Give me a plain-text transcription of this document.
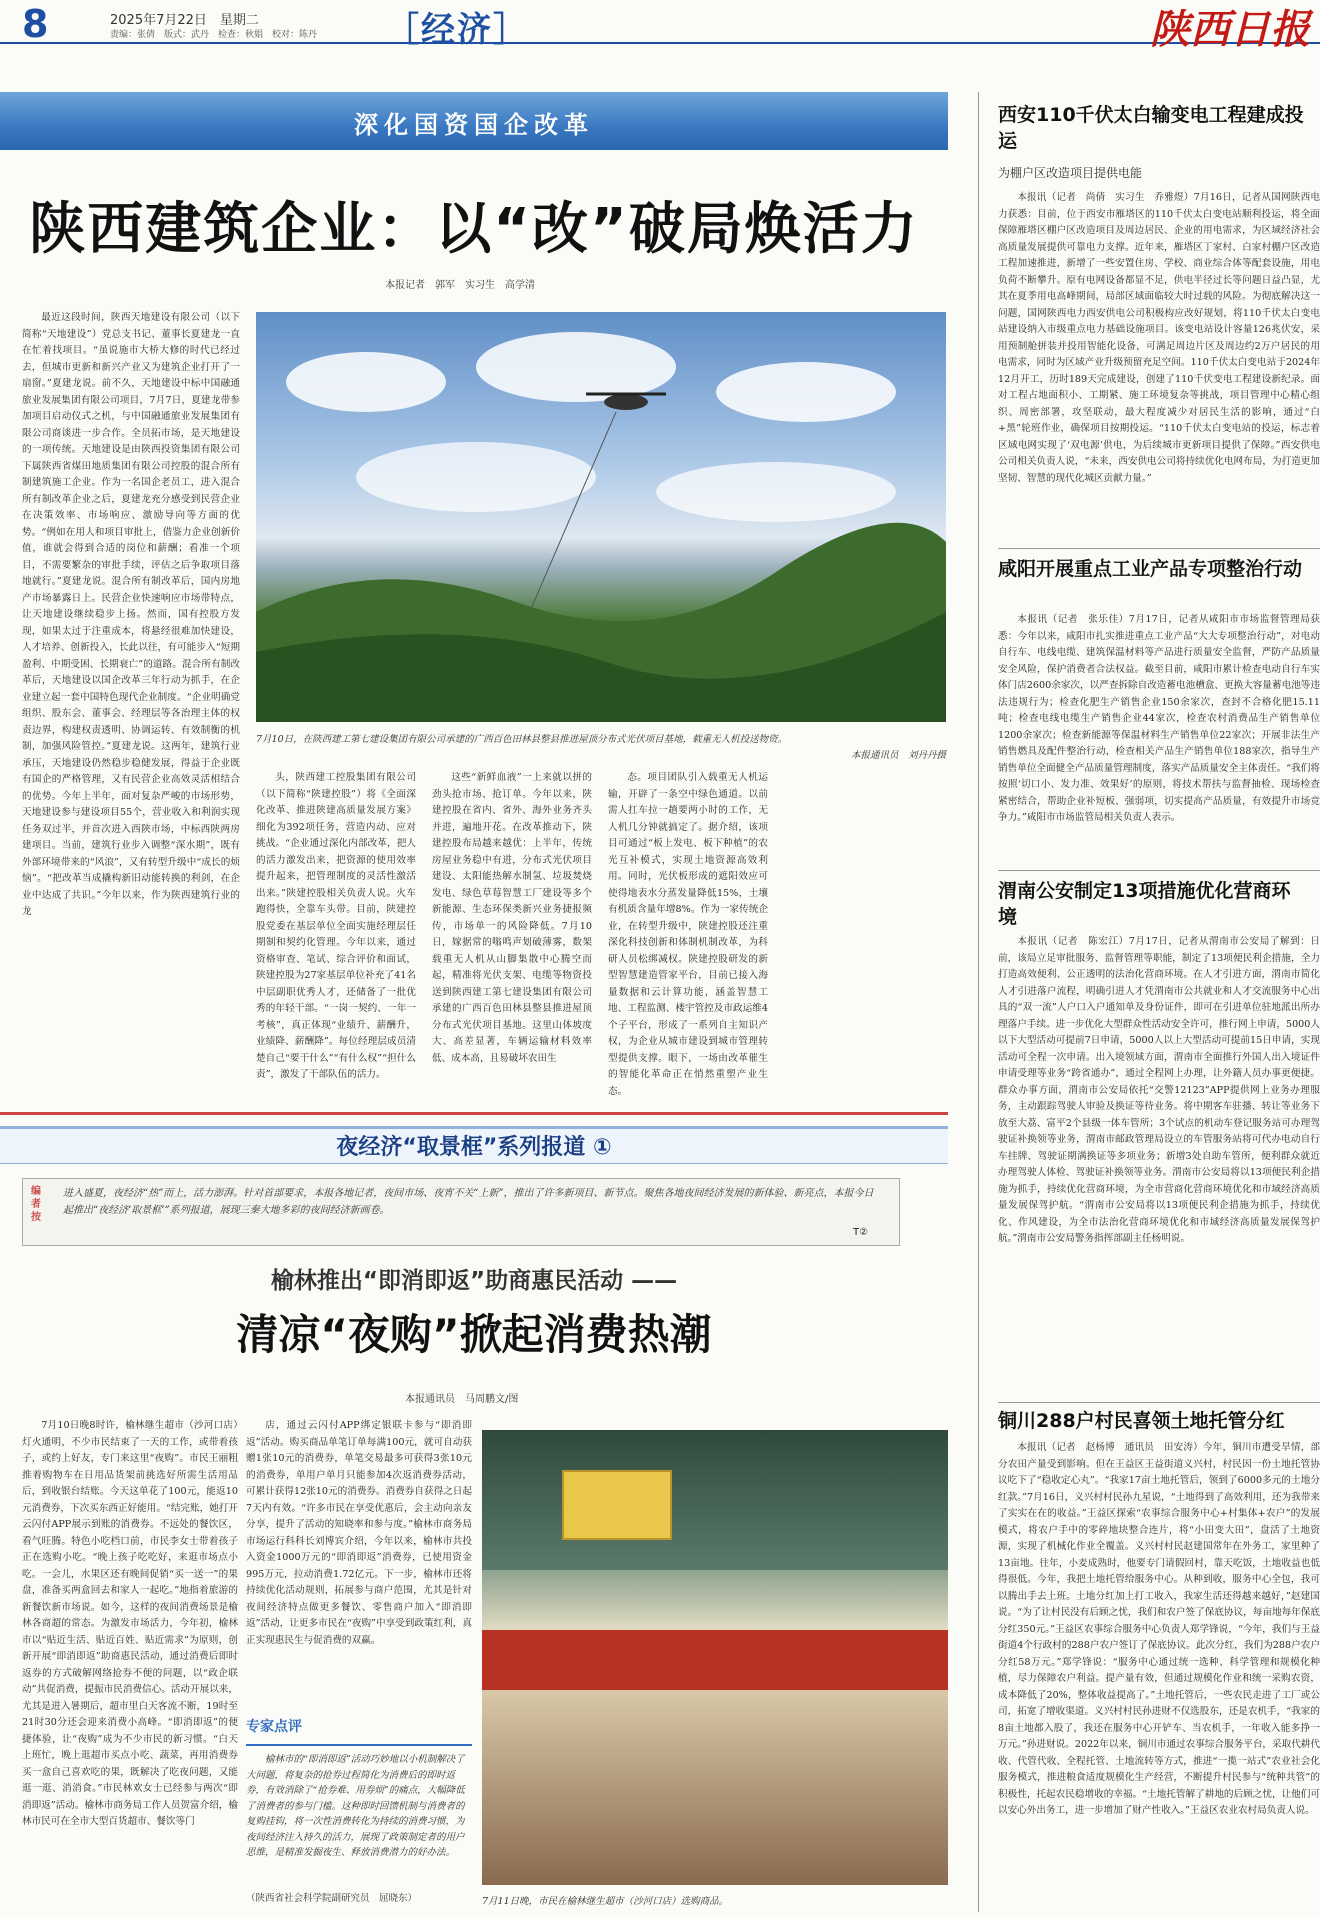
8	2025年7月22日　星期二
责编：张倩　版式：武丹　检查：秋娟　校对：陈丹 ［经济］	陕西日报
深化国资国企改革
陕西建筑企业：以“改”破局焕活力
本报记者　郭军　实习生　高学清
最近这段时间，陕西天地建设有限公司（以下简称“天地建设”）党总支书记、董事长夏建龙一直在忙着找项目。“虽说施市大桥大修的时代已经过去，但城市更新和新兴产业又为建筑企业打开了一扇窗。”夏建龙说。前不久，天地建设中标中国融通旅业发展集团有限公司项目，7月7日，夏建龙带参加项目启动仪式之机，与中国融通旅业发展集团有限公司商谈进一步合作。全员拓市场，是天地建设的一项传统。天地建设是由陕西投资集团有限公司下属陕西省煤田地质集团有限公司控股的混合所有制建筑施工企业。作为一名国企老员工，进入混合所有制改革企业之后，夏建龙充分感受到民营企业在决策效率、市场响应、激励导向等方面的优势。“例如在用人和项目审批上，借鉴力企业创新价值，谁就会得到合适的岗位和薪酬；看准一个项目，不需要繁杂的审批手续，评估之后争取项目落地就行。”夏建龙说。混合所有制改革后，国内房地产市场暴露日上。民营企业快速响应市场带特点，让天地建设继续稳步上扬。然而，国有控股方发现，如果太过于注重成本，将悬经很难加快建设，人才培养、创新投入，长此以往，有可能步入“短期盈利、中期受困、长期衰亡”的道路。混合所有制改革后，天地建设以国企改革三年行动为抓手，在企业建立起一套中国特色现代企业制度。“企业明确党组织、股东会、董事会、经理层等各治理主体的权责边界，构建权责透明、协调运转、有效制衡的机制，加强风险管控。”夏建龙说。这两年，建筑行业承压，天地建设仍然稳步稳健发展，得益于企业既有国企的严格管理，又有民营企业高效灵活相结合的优势。今年上半年，面对复杂严峻的市场形势，天地建设参与建设项目55个，营业收入和利润实现任务双过半，并首次进入西陕市场，中标西陕两房建项目。当前，建筑行业步入调整“深水期”，既有外部环境带来的“风浪”，又有转型升级中“成长的烦恼”。“把改革当成撬构新旧动能转换的利剑，在企业中达成了共识。”今年以来，作为陕西建筑行业的龙
7月10日，在陕西建工第七建设集团有限公司承建的广西百色田林县整县推进屋顶分布式光伏项目基地，载重无人机投送物资。
本报通讯员　刘丹丹摄
头，陕西建工控股集团有限公司（以下简称“陕建控股”）将《全面深化改革、推进陕建高质量发展方案》细化为392项任务，营造内动、应对挑战。“企业通过深化内部改革，把人的活力激发出来，把资源的使用效率提升起来，把管理制度的灵活性激活出来。”陕建控股相关负责人说。火车跑得快，全靠车头带。目前，陕建控股党委在基层单位全面实施经理层任期制和契约化管理。今年以来，通过资格审查、笔试、综合评价和面试，陕建控股为27家基层单位补充了41名中层副职优秀人才，还储备了一批优秀的年轻干部。“一岗一契约、一年一考核”，真正体现“业绩升、薪酬升，业绩降、薪酬降”。每位经理层成员清楚自己“要干什么”“有什么权”“担什么责”，激发了干部队伍的活力。
这些“新鲜血液”一上来就以拼的劲头抢市场、抢订单。今年以来，陕建控股在省内、省外、海外业务齐头并进，遍地开花。在改革推动下，陕建控股布局越来越优：上半年，传统房屋业务稳中有进，分布式光伏项目建设、太阳能热解水制氢、垃圾焚烧发电、绿色草莓智慧工厂建设等多个新能源、生态环保类新兴业务捷报频传，市场单一的风险降低。7月10日，嫁据常的嗡鸣声划破薄雾，数架载重无人机从山脚集散中心腾空而起，精准将光伏支架、电缆等物资投送到陕西建工第七建设集团有限公司承建的广西百色田林县整县推进屋顶分布式光伏项目基地。这里山体坡度大、高差显著，车辆运输材料效率低、成本高，且易破坏农田生
态。项目团队引入载重无人机运输，开辟了一条空中绿色通道。以前需人扛车拉一趟要两小时的工作，无人机几分钟就搞定了。据介绍，该项目可通过“板上发电、板下种植”的农光互补模式，实现土地资源高效利用。同时，光伏板形成的遮阳效应可使得地表水分蒸发量降低15%，土壤有机质含量年增8%。作为一家传统企业，在转型升级中，陕建控股还注重深化科技创新和体制机制改革，为科研人员松绑减权。陕建控股研发的新型智慧建造管家平台，目前已接入海量数据和云计算功能，涵盖智慧工地、工程监测、楼宇管控及市政运维4个子平台，形成了一系列自主知识产权，为企业从城市建设到城市管理转型提供支撑。眼下，一场由改革催生的智能化革命正在悄然重塑产业生态。
夜经济“取景框”系列报道 ①
编者按
进入盛夏，夜经济“热”而上，活力澎湃。针对首部要求，本报各地记者，夜间市场、夜宵不关“上新”，推出了许多新项目、新节点。聚焦各地夜间经济发展的新体验、新亮点，本报今日起推出“夜经济‘取景框’”系列报道，展现三秦大地多彩的夜间经济新画卷。
T②
榆林推出“即消即返”助商惠民活动 ——
清凉“夜购”掀起消费热潮
本报通讯员　马周鹏文/图
7月10日晚8时许，榆林继生超市（沙河口店）灯火通明，不少市民结束了一天的工作，或带着孩子，或约上好友，专门来这里“夜购”。市民王丽粗推着购物车在日用品货架前挑选好所需生活用品后，到收银台结账。今天这单花了100元，能返10元消费券，下次买东西正好能用。“结完账，她打开云闪付APP展示到账的消费券。不远处的餐饮区，看气旺腾。特色小吃档口前，市民李女士带着孩子正在选购小吃。“晚上孩子吃吃好，来逛市场点小吃。一会儿，水果区还有晚间促销“买一送一”的果盘，准备买两盒回去和家人一起吃。”地指着旅游的新餐饮新市场说。如今，这样的夜间消费场景是榆林各商超的常态。为激发市场活力，今年初，榆林市以“贴近生活、贴近百姓、贴近需求”为原则，创新开展“即消即返”助商惠民活动，通过消费后即时返券的方式破解网络抢券不便的问题，以“政企联动”共促消费，提振市民消费信心。活动开展以来，尤其是进入暑期后，超市里白天客流不断，19时至21时30分还会迎来消费小高峰。“即消即返”的便捷体验，让“夜购”成为不少市民的新习惯。“白天上班忙，晚上逛超市买点小吃、蔬菜，再用消费券买一盒自己喜欢吃的果，既解决了吃夜问题，又能逛一逛、消消食。”市民林欢女士已经参与两次“即消即返”活动。榆林市商务局工作人员贺富介绍，榆林市民可在全市大型百货超市、餐饮等门
店，通过云闪付APP绑定银联卡参与“即消即返”活动。购买商品单笔订单每满100元，就可自动获赠1张10元的消费券，单笔交易最多可获得3张10元的消费券，单用户单月只能参加4次返消费券活动，可累计获得12张10元的消费券。消费券自获得之日起7天内有效。“许多市民在享受优惠后，会主动向亲友分享，提升了活动的知晓率和参与度。”榆林市商务局市场运行科科长刘博宾介绍，今年以来，榆林市共投入资金1000万元的“即消即返”消费券，已使用资金995万元，拉动消费1.72亿元。下一步，榆林市还将持续优化活动规则，拓展参与商户范围，尤其是针对夜间经济特点做更多餐饮、零售商户加入“即消即返”活动，让更多市民在“夜购”中享受到政策红利，真正实现惠民生与促消费的双赢。
专家点评
榆林市的“即消即返”活动巧妙地以小机制解决了大问题，将复杂的抢券过程简化为消费后的即时返券，有效消除了“抢券难、用券烦”的痛点，大幅降低了消费者的参与门槛。这种即时回馈机制与消费者的复购挂钩，将一次性消费转化为持续的消费习惯，为夜间经济注入持久的活力，展现了政策制定者的用户思维，是精准发掘夜生、释放消费潜力的好办法。
（陕西省社会科学院副研究员　屈晓东）	7月11日晚，市民在榆林继生超市（沙河口店）选购商品。
西安110千伏太白输变电工程建成投运
为棚户区改造项目提供电能
本报讯（记者　尚倩　实习生　乔雅煜）7月16日，记者从国网陕西电力获悉：目前，位于西安市雁塔区的110千伏太白变电站顺利投运，将全面保障雁塔区棚户区改造项目及周边居民、企业的用电需求，为区域经济社会高质量发展提供可靠电力支撑。近年来，雁塔区丁家村、白家村棚户区改造工程加速推进，新增了一些安置住房、学校、商业综合体等配套设施，用电负荷不断攀升。原有电网设备都显不足，供电半径过长等问题日益凸显，尤其在夏季用电高峰期间，局部区域面临较大时过载的风险。为彻底解决这一问题，国网陕西电力西安供电公司积极构应改好规划，将110千伏太白变电站建设纳入市级重点电力基础设施项目。该变电站设计容量126兆伏安，采用预制舱拼装并投用智能化设备，可满足周边片区及周边约2万户居民的用电需求，同时为区域产业升级预留充足空间。110千伏太白变电站于2024年12月开工，历时189天完成建设，创建了110千伏变电工程建设新纪录。面对工程占地面积小、工期紧、施工环境复杂等挑战，项目管理中心精心组织、周密部署，攻坚联动，最大程度减少对居民生活的影响，通过“白+黑”轮班作业，确保项目按期投运。“110千伏太白变电站的投运，标志着区域电网实现了‘双电源’供电，为后续城市更新项目提供了保障。”西安供电公司相关负责人说，“未来，西安供电公司将持续优化电网布局，为打造更加坚韧、智慧的现代化城区贡献力量。”
咸阳开展重点工业产品专项整治行动
本报讯（记者　张乐佳）7月17日，记者从咸阳市市场监督管理局获悉：今年以来，咸阳市扎实推进重点工业产品“大大专项整治行动”，对电动自行车、电线电缆、建筑保温材料等产品进行质量安全监督，严防产品质量安全风险，保护消费者合法权益。截至目前，咸阳市累计检查电动自行车实体门店2600余家次，以严查拆除自改造蓄电池槽盒、更换大容量蓄电池等违法违规行为；检查化肥生产销售企业150余家次，查封不合格化肥15.11吨；检查电线电缆生产销售企业44家次，检查农村消费品生产销售单位1200余家次；检查新能源等保温材料生产销售单位22家次；开展非法生产销售燃具及配件整治行动，检查相关产品生产销售单位188家次，指导生产销售单位全面健全产品质量管理制度，落实产品质量安全主体责任。“我们将按照‘切口小、发力准、效果好’的原则，将技术帮扶与监督抽检、现场检查紧密结合，帮助企业补短板、强弱项，切实提高产品质量，有效提升市场竞争力。”咸阳市市场监管局相关负责人表示。
渭南公安制定13项措施优化营商环境
本报讯（记者　陈宏江）7月17日，记者从渭南市公安局了解到：日前，该局立足审批服务、监督管理等职能，制定了13项便民利企措施，全力打造高效便利、公正透明的法治化营商环境。在人才引进方面，渭南市简化人才引进落户流程，明确引进人才凭渭南市公共就业和人才交流服务中心出具的“双一流”人户口入户通知单及身份证件，即可在引进单位驻地派出所办理落户手续。进一步优化大型群众性活动安全许可，推行网上申请，5000人以下大型活动可提前7日申请，5000人以上大型活动可提前15日申请，实现活动可全程一次申请。出入境领域方面，渭南市全面推行外国人出入境证件申请受理等业务“跨省通办”，通过全程网上办理，让外籍人员办事更便捷。群众办事方面，渭南市公安局依托“交警12123”APP提供网上业务办理服务，主动跟踪驾驶人审验及换证等待业务。将中期客车驻播、转让等业务下放至大荔、富平2个县级一体车管所；3个试点的机动车登记服务站可办理驾驶证补换领等业务，渭南市邮政管理局设立的车管服务站将可代办电动自行车挂牌、驾驶证期满换证等多项业务；新增3处自助车管所，便利群众就近办理驾驶人体检、驾驶证补换领等业务。渭南市公安局将以13项便民利企措施为抓手，持续优化营商环境，为全市营商化营商环境优化和市域经济高质量发展保驾护航。“渭南市公安局将以13项便民利企措施为抓手，持续优化、作风建设，为全市法治化营商环境优化和市域经济高质量发展保驾护航。”渭南市公安局警务指挥部副主任杨明说。
铜川288户村民喜领土地托管分红
本报讯（记者　赵杨博　通讯员　田安涛）今年，铜川市遭受旱情，部分农田产量受到影响。但在王益区王益街道义兴村，村民因一份土地托管协议吃下了“稳收定心丸”。“我家17亩土地托管后，领到了6000多元的土地分红款。”7月16日，义兴村村民孙九星说，“土地得到了高效利用，还为我带来了实实在在的收益。”王益区探索“农事综合服务中心+村集体+农户”的发展模式，将农户手中的零碎地块整合连片，将“小田变大田”，盘活了土地资源，实现了机械化作业全覆盖。义兴村村民赵建国常年在外务工，家里种了13亩地。往年，小麦成熟时，他要专门请假回村，靠天吃饭，土地收益也低得很低。今年，我把土地托管给服务中心。从种到收，服务中心全包，我可以腾出手去上班。土地分红加上打工收入，我家生活还得越来越好，”赵建国说。“为了让村民没有后顾之忧，我们和农户签了保底协议，每亩地每年保底分红350元。”王益区农事综合服务中心负责人郑学锋说，“今年，我们与王益街道4个行政村的288户农户签订了保底协议。此次分红，我们为288户农户分红58万元。”郑学锋说：“服务中心通过统一选种、科学管理和规模化种植，尽力保障农户利益。提产量有效，但通过规模化作业和统一采购农资，成本降低了20%，整体收益提高了。”土地托管后，一些农民走进了工厂或公司，拓宽了增收渠道。义兴村村民孙进财不仅选股东，还是农机手，“我家的8亩土地都入股了，我还在服务中心开铲车、当农机手，一年收入能多挣一万元。”孙进财说。2022年以来，铜川市通过农事综合服务平台，采取代耕代收、代管代收、全程托管、土地流转等方式，推进“一揽一站式”农业社会化服务模式，推进粮食适度规模化生产经营，不断提升村民参与“统种共管”的积极性，托起农民稳增收的幸福。“土地托管解了耕地的后顾之忧，让他们可以安心外出务工，进一步增加了财产性收入。”王益区农业农村局负责人说。
